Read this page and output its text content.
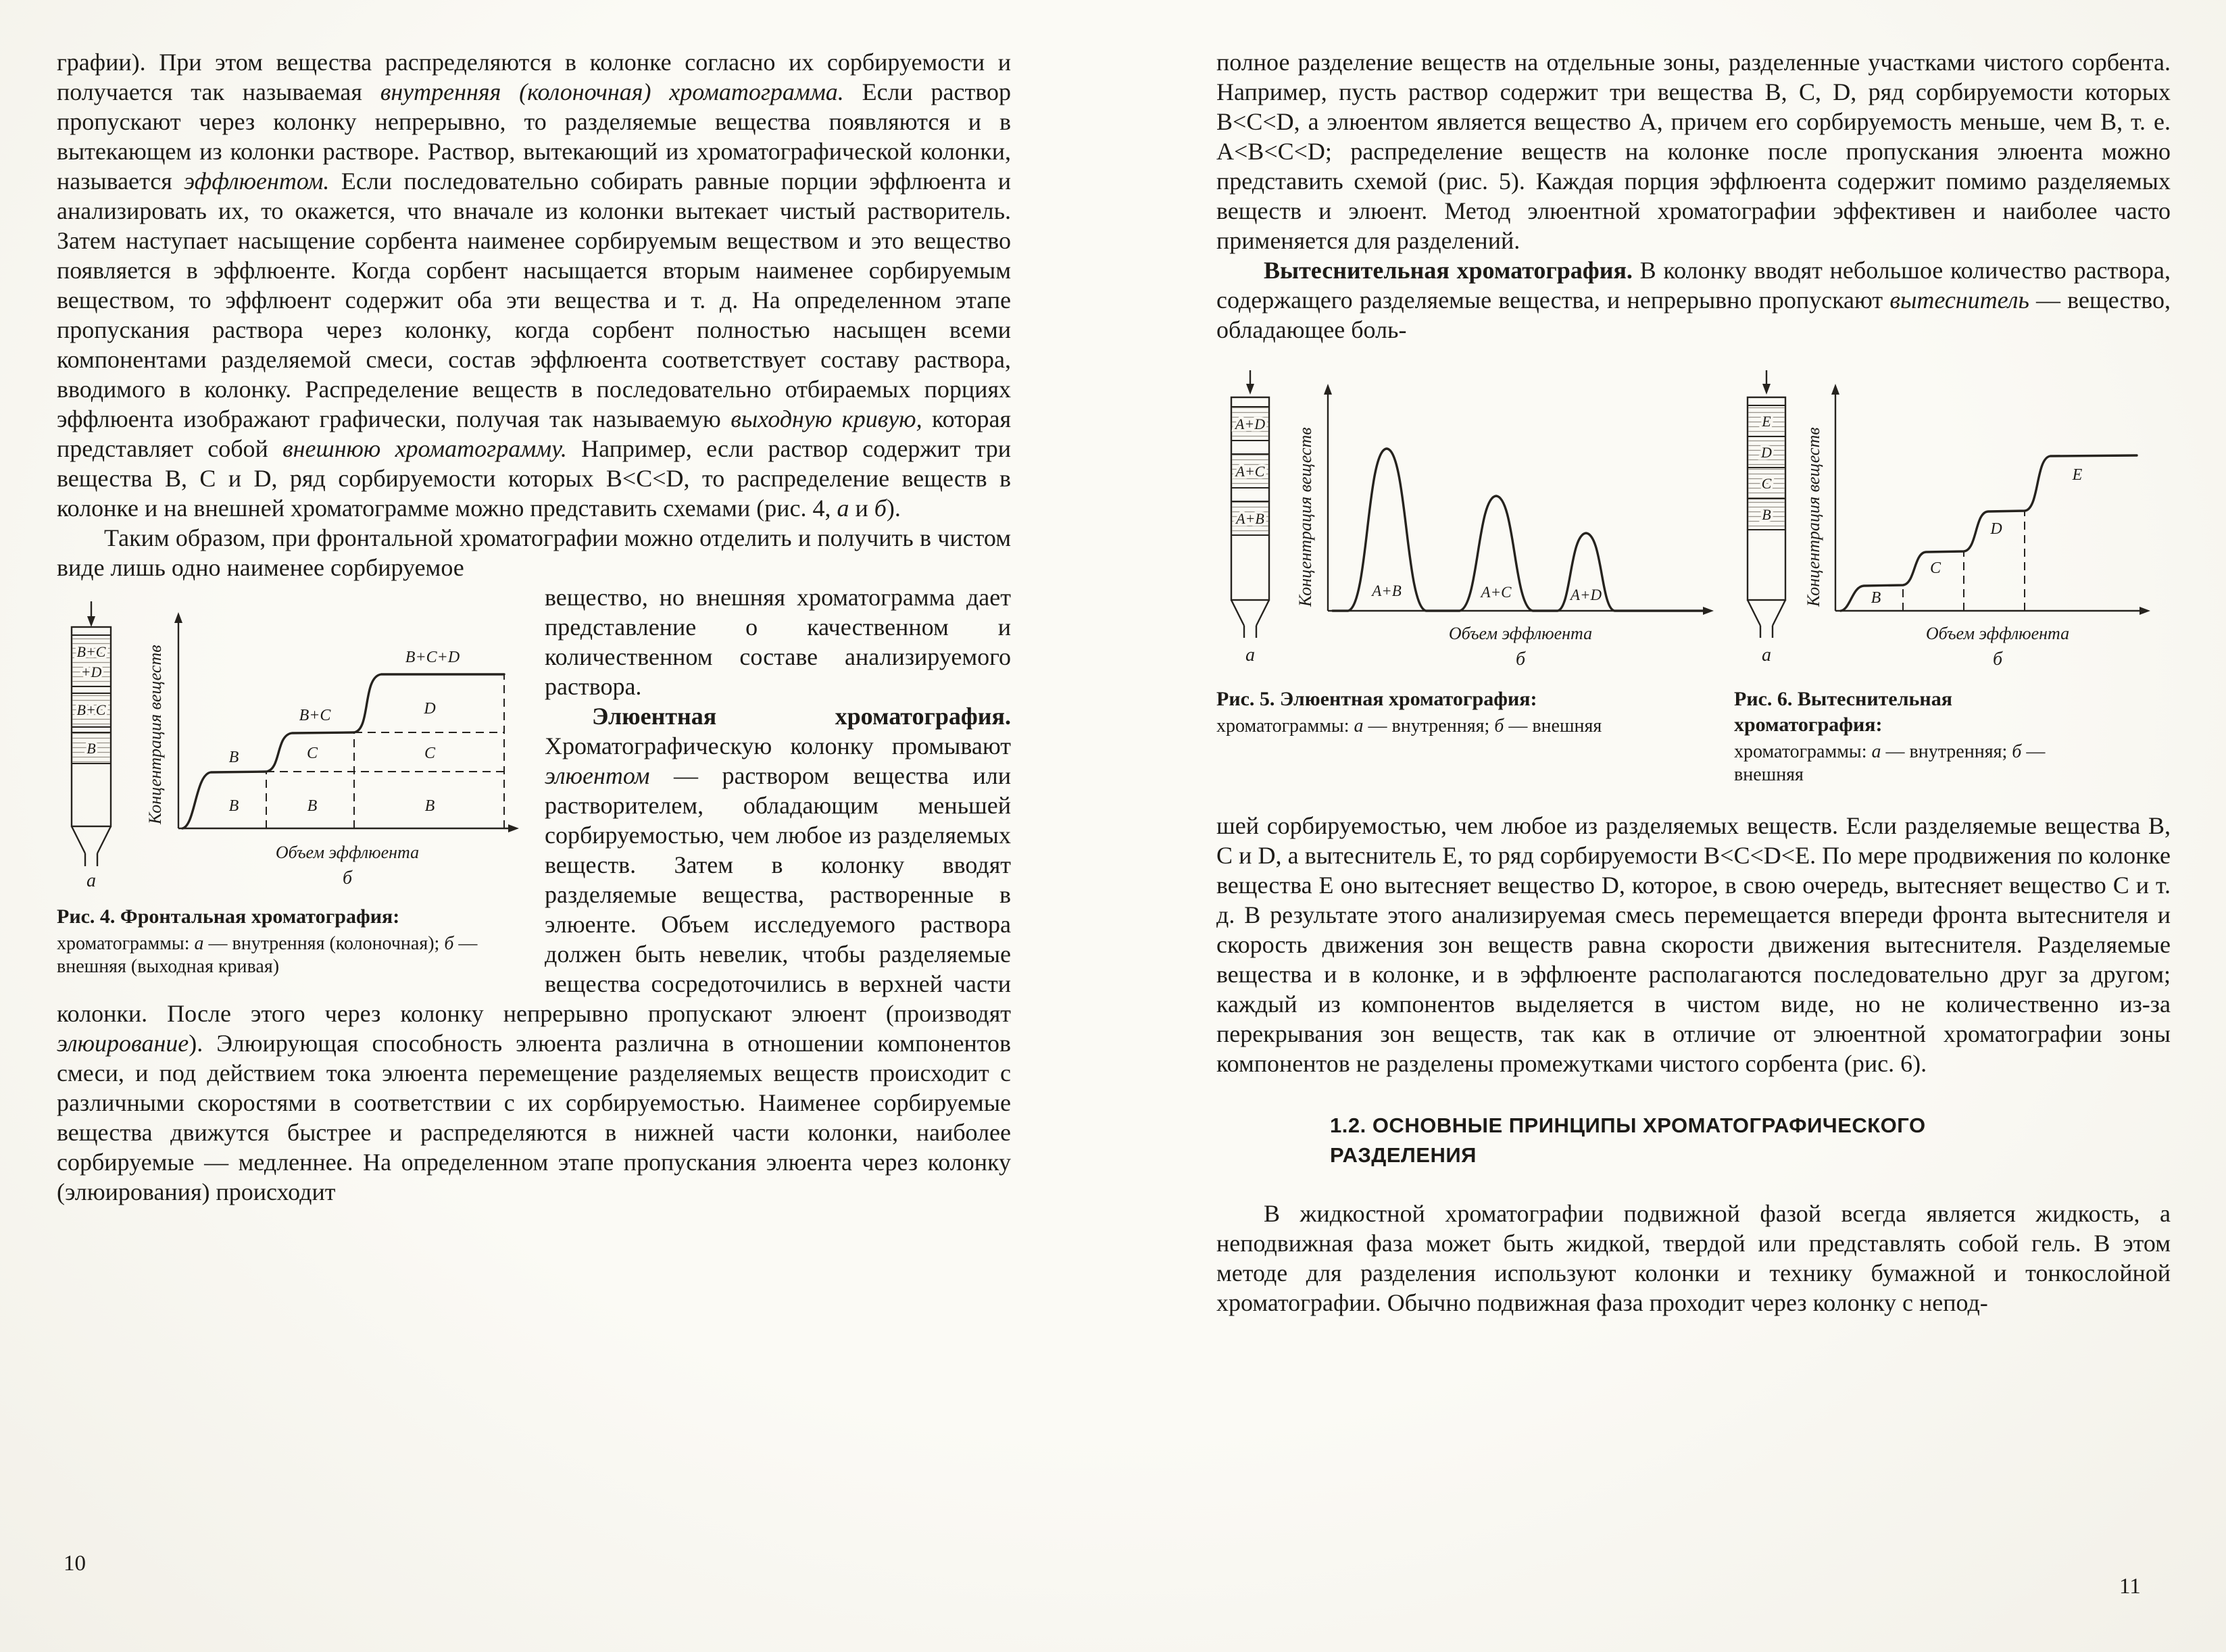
графии). При этом вещества распределяются в колонке согласно их сорбируемости и получается так называемая внутренняя (колоночная) хроматограмма. Если раствор пропускают через колонку непрерывно, то разделяемые вещества появляются и в вытекающем из колонки растворе. Раствор, вытекающий из хроматографической колонки, называется эффлюентом. Если последовательно собирать равные порции эффлюента и анализировать их, то окажется, что вначале из колонки вытекает чистый растворитель. Затем наступает насыщение сорбента наименее сорбируемым веществом и это вещество появляется в эффлюенте. Когда сорбент насыщается вторым наименее сорбируемым веществом, то эффлюент содержит оба эти вещества и т. д. На определенном этапе пропускания раствора через колонку, когда сорбент полностью насыщен всеми компонентами разделяемой смеси, состав эффлюента соответствует составу раствора, вводимого в колонку. Распределение веществ в последовательно отбираемых порциях эффлюента изображают графически, получая так называемую выходную кривую, которая представляет собой внешнюю хроматограмму. Например, если раствор содержит три вещества B, C и D, ряд сорбируемости которых B<C<D, то распределение веществ в колонке и на внешней хроматограмме можно представить схемами (рис. 4, а и б).

Таким образом, при фронтальной хроматографии можно отделить и получить в чистом виде лишь одно наименее сорбируемое

B+C
+D
B+C
B
а
Концентрация веществ	B
B+C
B+C+D
B
C
B
D
C
B
Объем эффлюента
б
Рис. 4. Фронтальная хроматография:
хроматограммы: а — внутренняя (колоночная); б — внешняя (выходная кривая)

вещество, но внешняя хроматограмма дает представление о качественном и количественном составе анализируемого раствора.

Элюентная хроматография. Хроматографическую колонку промывают элюентом — раствором вещества или растворителем, обладающим меньшей сорбируемостью, чем любое из разделяемых веществ. Затем в колонку вводят разделяемые вещества, растворенные в элюенте. Объем исследуемого раствора должен быть невелик, чтобы разделяемые вещества сосредоточились в верхней части колонки. После этого через колонку непрерывно пропускают элюент (производят элюирование). Элюирующая способность элюента различна в отношении компонентов смеси, и под действием тока элюента перемещение разделяемых веществ происходит с различными скоростями в соответствии с их сорбируемостью. Наименее сорбируемые вещества движутся быстрее и распределяются в нижней части колонки, наиболее сорбируемые — медленнее. На определенном этапе пропускания элюента через колонку (элюирования) происходит

полное разделение веществ на отдельные зоны, разделенные участками чистого сорбента. Например, пусть раствор содержит три вещества B, C, D, ряд сорбируемости которых B<C<D, а элюентом является вещество A, причем его сорбируемость меньше, чем B, т. е. A<B<C<D; распределение веществ на колонке после пропускания элюента можно представить схемой (рис. 5). Каждая порция эффлюента содержит помимо разделяемых веществ и элюент. Метод элюентной хроматографии эффективен и наиболее часто применяется для разделений.

Вытеснительная хроматография. В колонку вводят небольшое количество раствора, содержащего разделяемые вещества, и непрерывно пропускают вытеснитель — вещество, обладающее боль-

A+D
A+C
A+B
а
Концентрация веществ	A+B	A+C	A+D
Объем эффлюента
б
Рис. 5. Элюентная хроматография:
хроматограммы: а — внутренняя; б — внешняя
E
D
C
B
а
Концентрация веществ	B
C
D
E
Объем эффлюента
б
Рис. 6. Вытеснительная хроматография:
хроматограммы: а — внутренняя; б — внешняя

шей сорбируемостью, чем любое из разделяемых веществ. Если разделяемые вещества B, C и D, а вытеснитель E, то ряд сорбируемости B<C<D<E. По мере продвижения по колонке вещества E оно вытесняет вещество D, которое, в свою очередь, вытесняет вещество C и т. д. В результате этого анализируемая смесь перемещается впереди фронта вытеснителя и скорость движения зон веществ равна скорости движения вытеснителя. Разделяемые вещества и в колонке, и в эффлюенте располагаются последовательно друг за другом; каждый из компонентов выделяется в чистом виде, но не количественно из-за перекрывания зон веществ, так как в отличие от элюентной хроматографии зоны компонентов не разделены промежутками чистого сорбента (рис. 6).

1.2. ОСНОВНЫЕ ПРИНЦИПЫ ХРОМАТОГРАФИЧЕСКОГО РАЗДЕЛЕНИЯ

В жидкостной хроматографии подвижной фазой всегда является жидкость, а неподвижная фаза может быть жидкой, твердой или представлять собой гель. В этом методе для разделения используют колонки и технику бумажной и тонкослойной хроматографии. Обычно подвижная фаза проходит через колонку с непод-

10
11
